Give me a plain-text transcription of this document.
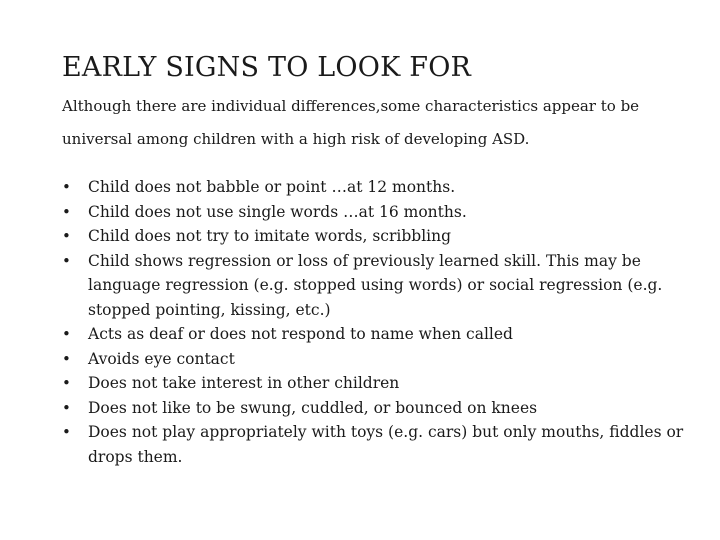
EARLY SIGNS TO LOOK FOR

Although there are individual differences,some characteristics appear to be universal among children with a high risk of developing ASD.

• Child does not babble or point …at 12 months.
• Child does not use single words …at 16 months.
• Child does not try to imitate words, scribbling
• Child shows regression or loss of previously learned skill. This may be language regression (e.g. stopped using words) or social regression (e.g. stopped pointing, kissing, etc.)
• Acts as deaf or does not respond to name when called
• Avoids eye contact
• Does not take interest in other children
• Does not like to be swung, cuddled, or bounced on knees
• Does not play appropriately with toys (e.g. cars) but only mouths, fiddles or drops them.
